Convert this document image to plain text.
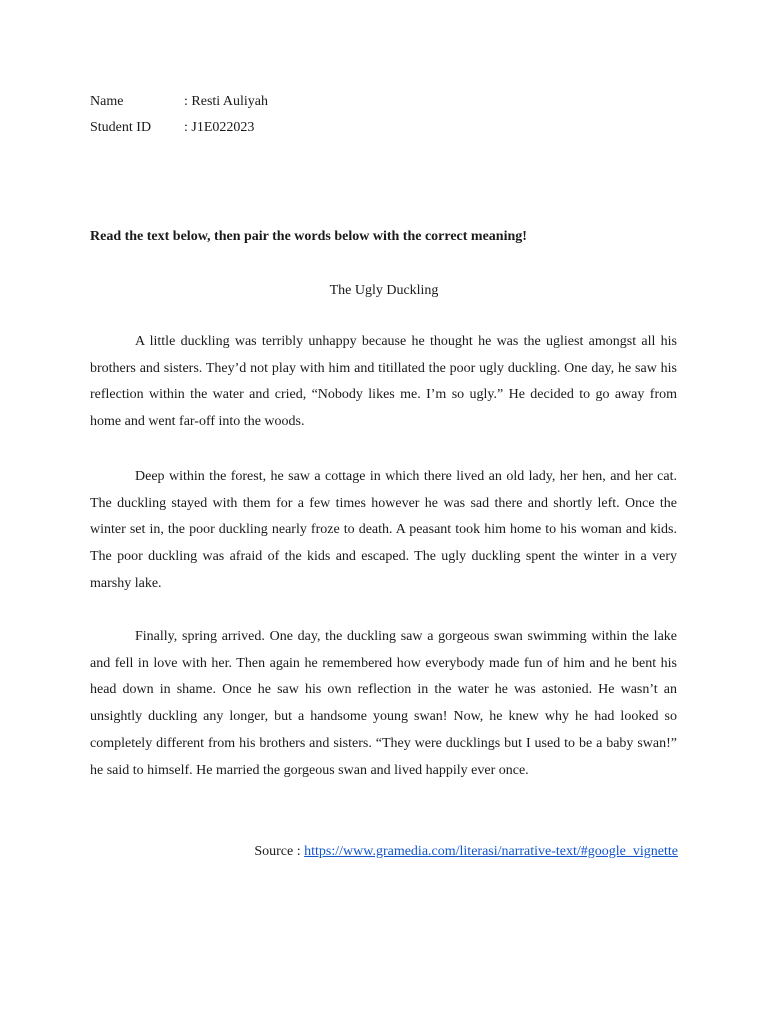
Name	: Resti Auliyah
Student ID : J1E022023
Read the text below, then pair the words below with the correct meaning!
The Ugly Duckling

A little duckling was terribly unhappy because he thought he was the ugliest amongst all his brothers and sisters. They’d not play with him and titillated the poor ugly duckling. One day, he saw his reflection within the water and cried, “Nobody likes me. I’m so ugly.” He decided to go away from home and went far-off into the woods.

Deep within the forest, he saw a cottage in which there lived an old lady, her hen, and her cat. The duckling stayed with them for a few times however he was sad there and shortly left. Once the winter set in, the poor duckling nearly froze to death. A peasant took him home to his woman and kids. The poor duckling was afraid of the kids and escaped. The ugly duckling spent the winter in a very marshy lake.

Finally, spring arrived. One day, the duckling saw a gorgeous swan swimming within the lake and fell in love with her. Then again he remembered how everybody made fun of him and he bent his head down in shame. Once he saw his own reflection in the water he was astonied. He wasn’t an unsightly duckling any longer, but a handsome young swan! Now, he knew why he had looked so completely different from his brothers and sisters. “They were ducklings but I used to be a baby swan!” he said to himself. He married the gorgeous swan and lived happily ever once.

Source : https://www.gramedia.com/literasi/narrative-text/#google_vignette
